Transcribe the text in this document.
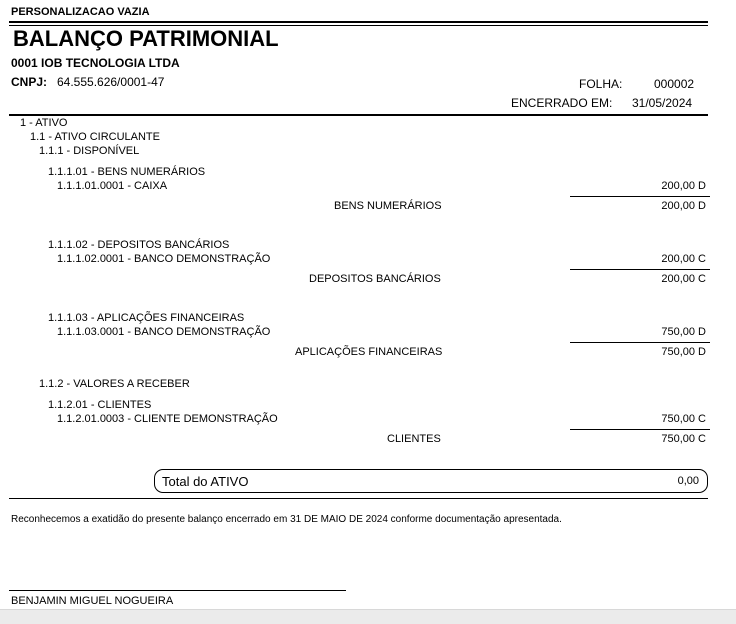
PERSONALIZACAO VAZIA
BALANÇO PATRIMONIAL
0001 IOB TECNOLOGIA LTDA
CNPJ: 64.555.626/0001-47	FOLHA:	000002
ENCERRADO EM: 31/05/2024
1 - ATIVO
1.1 - ATIVO CIRCULANTE
1.1.1 - DISPONÍVEL
1.1.1.01 - BENS NUMERÁRIOS
1.1.1.01.0001 - CAIXA	200,00 D
BENS NUMERÁRIOS	200,00 D
1.1.1.02 - DEPOSITOS BANCÁRIOS
1.1.1.02.0001 - BANCO DEMONSTRAÇÃO	200,00 C
DEPOSITOS BANCÁRIOS	200,00 C
1.1.1.03 - APLICAÇÕES FINANCEIRAS
1.1.1.03.0001 - BANCO DEMONSTRAÇÃO	750,00 D
APLICAÇÕES FINANCEIRAS	750,00 D
1.1.2 - VALORES A RECEBER
1.1.2.01 - CLIENTES
1.1.2.01.0003 - CLIENTE DEMONSTRAÇÃO	750,00 C
CLIENTES	750,00 C
Total do ATIVO	0,00
Reconhecemos a exatidão do presente balanço encerrado em 31 DE MAIO DE 2024 conforme documentação apresentada.
BENJAMIN MIGUEL NOGUEIRA
